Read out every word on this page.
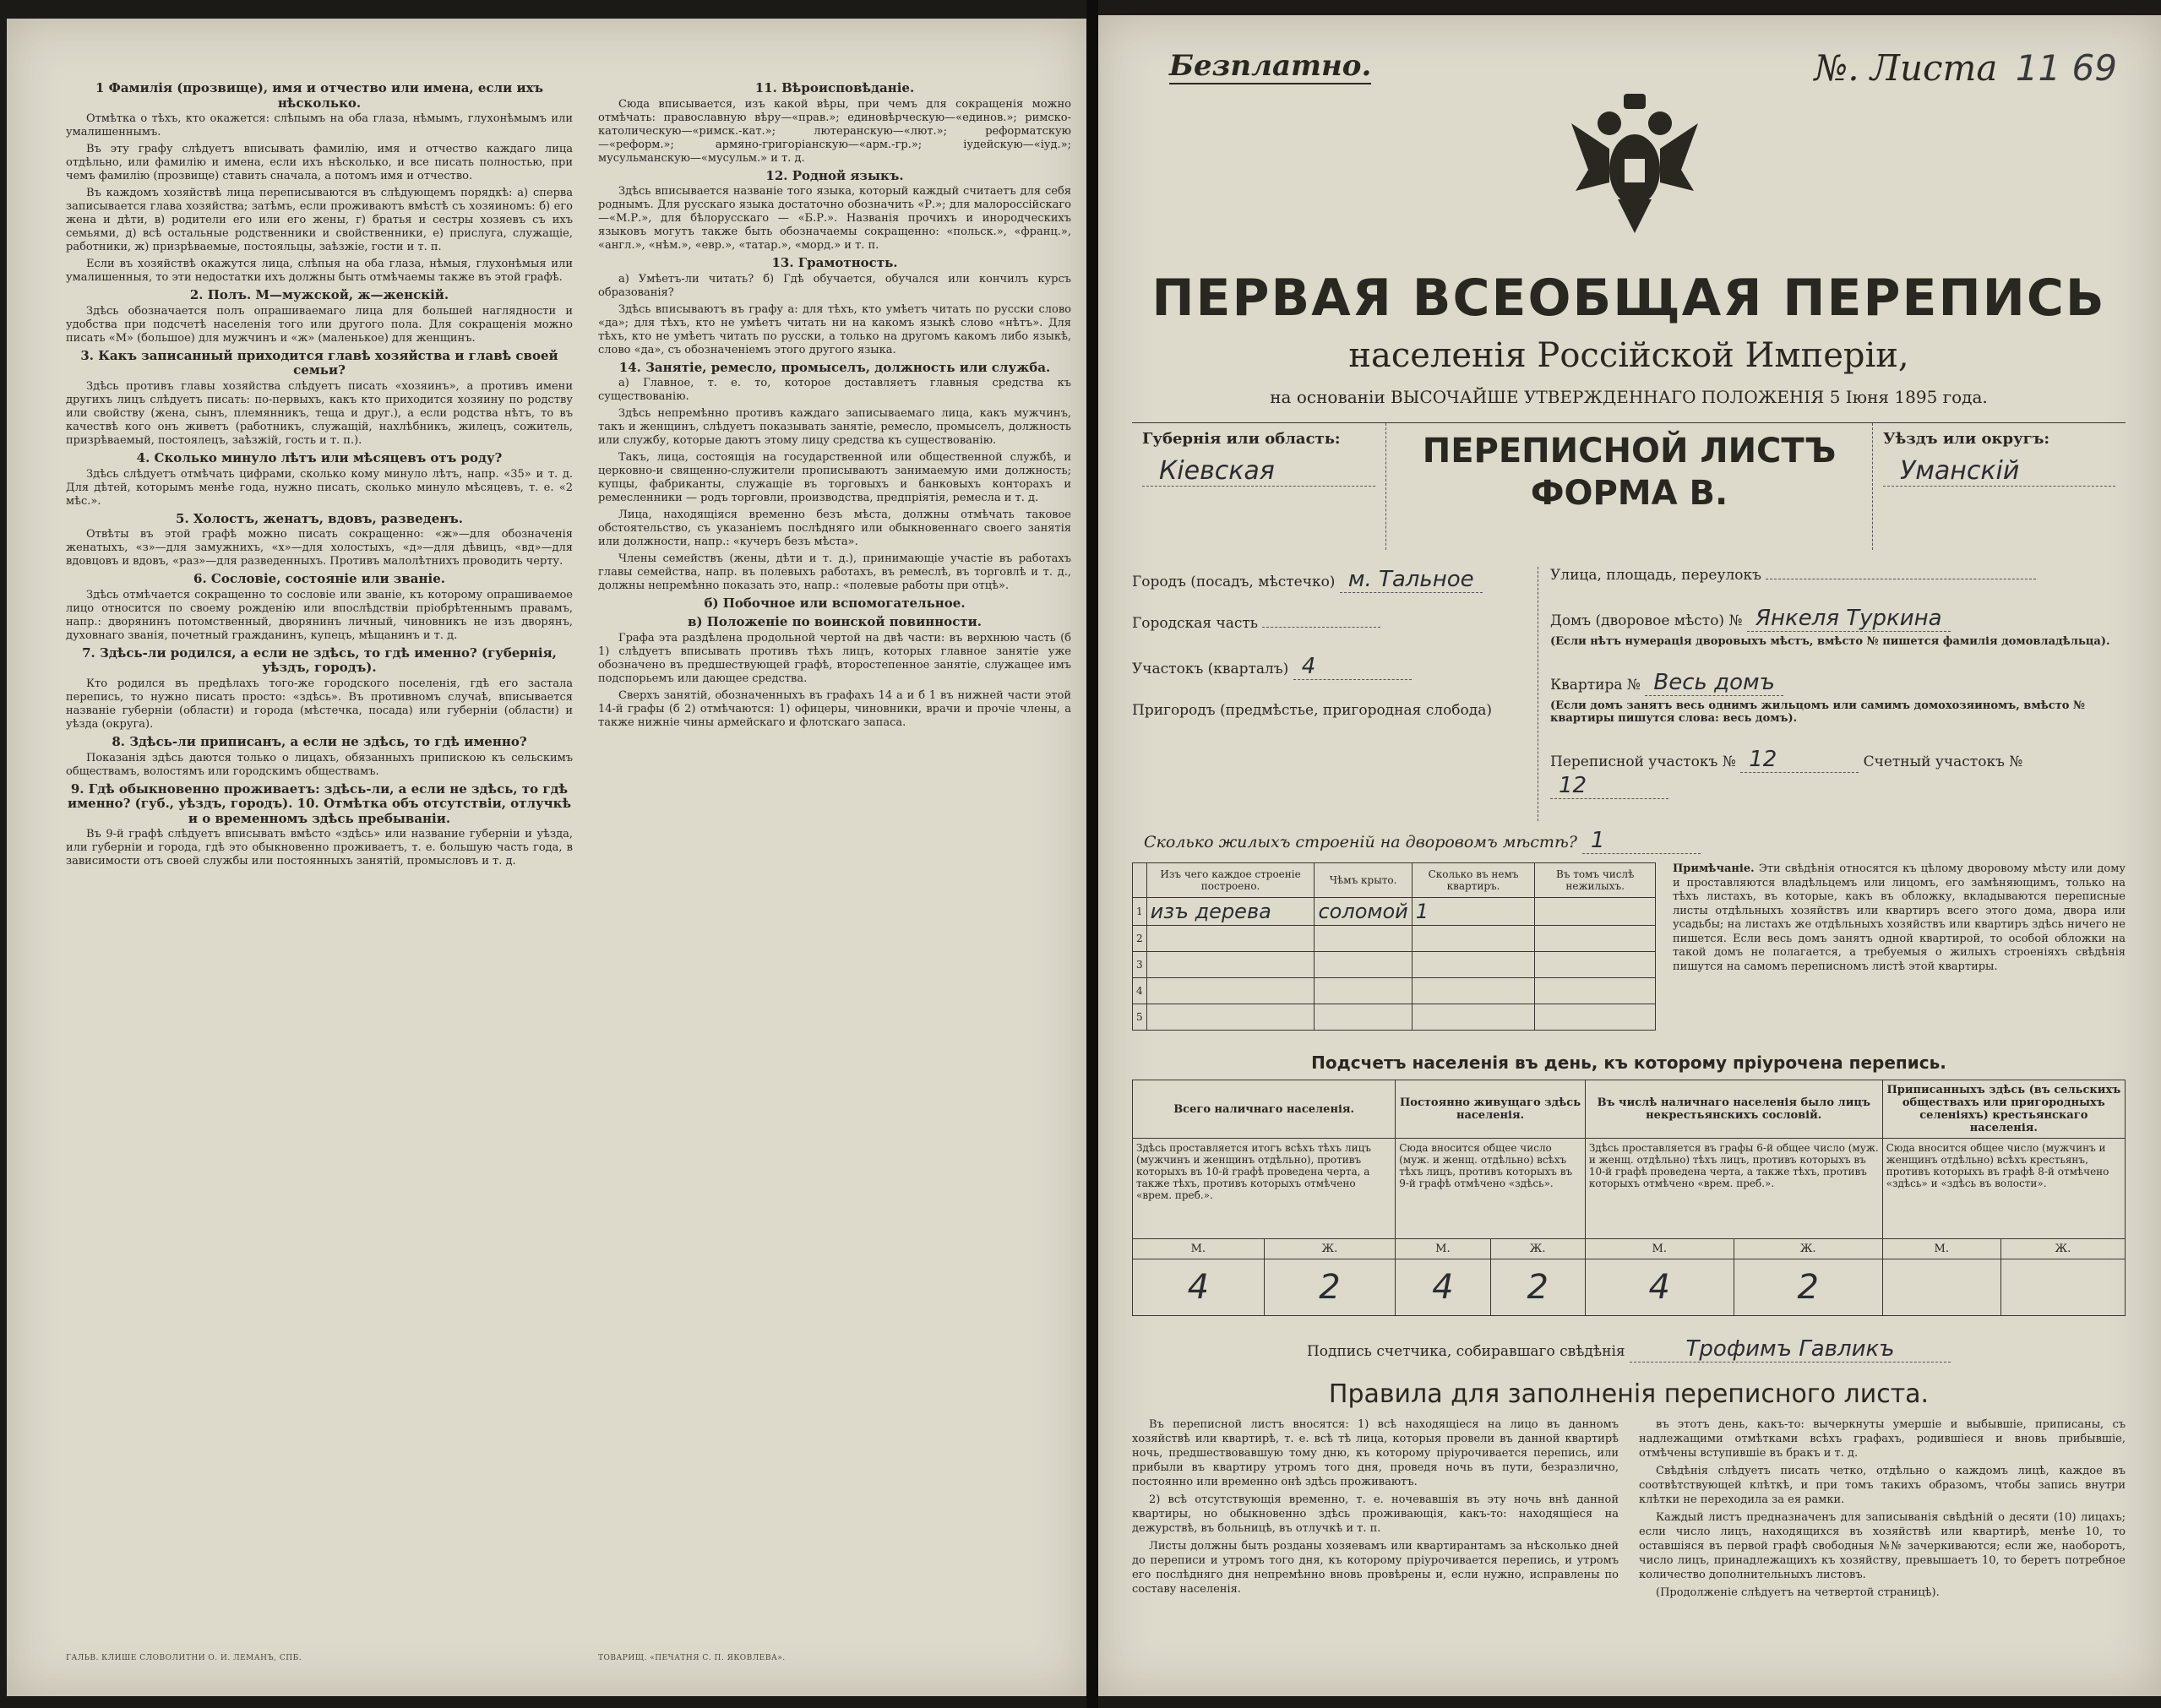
1 Фамилія (прозвище), имя и отчество или имена, если ихъ нѣсколько.

Отмѣтка о тѣхъ, кто окажется: слѣпымъ на оба глаза, нѣмымъ, глухонѣмымъ или умалишеннымъ.

Въ эту графу слѣдуетъ вписывать фамилію, имя и отчество каждаго лица отдѣльно, или фамилію и имена, если ихъ нѣсколько, и все писать полностью, при чемъ фамилію (прозвище) ставить сначала, а потомъ имя и отчество.

Въ каждомъ хозяйствѣ лица переписываются въ слѣдующемъ порядкѣ: а) сперва записывается глава хозяйства; затѣмъ, если проживаютъ вмѣстѣ съ хозяиномъ: б) его жена и дѣти, в) родители его или его жены, г) братья и сестры хозяевъ съ ихъ семьями, д) всѣ остальные родственники и свойственники, е) прислуга, служащіе, работники, ж) призрѣваемые, постояльцы, заѣзжіе, гости и т. п.

Если въ хозяйствѣ окажутся лица, слѣпыя на оба глаза, нѣмыя, глухонѣмыя или умалишенныя, то эти недостатки ихъ должны быть отмѣчаемы также въ этой графѣ.

2. Полъ. М—мужской, ж—женскій.

Здѣсь обозначается полъ опрашиваемаго лица для большей наглядности и удобства при подсчетѣ населенія того или другого пола. Для сокращенія можно писать «М» (большое) для мужчинъ и «ж» (маленькое) для женщинъ.

3. Какъ записанный приходится главѣ хозяйства и главѣ своей семьи?

Здѣсь противъ главы хозяйства слѣдуетъ писать «хозяинъ», а противъ имени другихъ лицъ слѣдуетъ писать: по-первыхъ, какъ кто приходится хозяину по родству или свойству (жена, сынъ, племянникъ, теща и друг.), а если родства нѣтъ, то въ качествѣ кого онъ живетъ (работникъ, служащій, нахлѣбникъ, жилецъ, сожитель, призрѣваемый, постоялецъ, заѣзжій, гость и т. п.).

4. Сколько минуло лѣтъ или мѣсяцевъ отъ роду?

Здѣсь слѣдуетъ отмѣчать цифрами, сколько кому минуло лѣтъ, напр. «35» и т. д. Для дѣтей, которымъ менѣе года, нужно писать, сколько минуло мѣсяцевъ, т. е. «2 мѣс.».

5. Холостъ, женатъ, вдовъ, разведенъ.

Отвѣты въ этой графѣ можно писать сокращенно: «ж»—для обозначенія женатыхъ, «з»—для замужнихъ, «х»—для холостыхъ, «д»—для дѣвицъ, «вд»—для вдовцовъ и вдовъ, «раз»—для разведенныхъ. Противъ малолѣтнихъ проводить черту.

6. Сословіе, состояніе или званіе.

Здѣсь отмѣчается сокращенно то сословіе или званіе, къ которому опрашиваемое лицо относится по своему рожденію или впослѣдствіи пріобрѣтеннымъ правамъ, напр.: дворянинъ потомственный, дворянинъ личный, чиновникъ не изъ дворянъ, духовнаго званія, почетный гражданинъ, купецъ, мѣщанинъ и т. д.

7. Здѣсь-ли родился, а если не здѣсь, то гдѣ именно? (губернія, уѣздъ, городъ).

Кто родился въ предѣлахъ того-же городского поселенія, гдѣ его застала перепись, то нужно писать просто: «здѣсь». Въ противномъ случаѣ, вписывается названіе губерніи (области) и города (мѣстечка, посада) или губерніи (области) и уѣзда (округа).

8. Здѣсь-ли приписанъ, а если не здѣсь, то гдѣ именно?

Показанія здѣсь даются только о лицахъ, обязанныхъ припискою къ сельскимъ обществамъ, волостямъ или городскимъ обществамъ.

9. Гдѣ обыкновенно проживаетъ: здѣсь-ли, а если не здѣсь, то гдѣ именно? (губ., уѣздъ, городъ). 10. Отмѣтка объ отсутствіи, отлучкѣ и о временномъ здѣсь пребываніи.

Въ 9-й графѣ слѣдуетъ вписывать вмѣсто «здѣсь» или название губерніи и уѣзда, или губерніи и города, гдѣ это обыкновенно проживаетъ, т. е. большую часть года, в зависимости отъ своей службы или постоянныхъ занятій, промысловъ и т. д.

11. Вѣроисповѣданіе.

Сюда вписывается, изъ какой вѣры, при чемъ для сокращенія можно отмѣчать: православную вѣру—«прав.»; единовѣрческую—«единов.»; римско-католическую—«римск.-кат.»; лютеранскую—«лют.»; реформатскую—«реформ.»; армяно-григоріанскую—«арм.-гр.»; іудейскую—«іуд.»; мусульманскую—«мусульм.» и т. д.

12. Родной языкъ.

Здѣсь вписывается названіе того языка, который каждый считаетъ для себя роднымъ. Для русскаго языка достаточно обозначить «Р.»; для малороссійскаго—«М.Р.», для бѣлорусскаго — «Б.Р.». Названія прочихъ и инородческихъ языковъ могутъ также быть обозначаемы сокращенно: «польск.», «франц.», «англ.», «нѣм.», «евр.», «татар.», «морд.» и т. п.

13. Грамотность.

а) Умѣетъ-ли читать? б) Гдѣ обучается, обучался или кончилъ курсъ образованія?

Здѣсь вписываютъ въ графу а: для тѣхъ, кто умѣетъ читать по русски слово «да»; для тѣхъ, кто не умѣетъ читать ни на какомъ языкѣ слово «нѣтъ». Для тѣхъ, кто не умѣетъ читать по русски, а только на другомъ какомъ либо языкѣ, слово «да», съ обозначеніемъ этого другого языка.

14. Занятіе, ремесло, промыселъ, должность или служба.

а) Главное, т. е. то, которое доставляетъ главныя средства къ существованію.

Здѣсь непремѣнно противъ каждаго записываемаго лица, какъ мужчинъ, такъ и женщинъ, слѣдуетъ показывать занятіе, ремесло, промыселъ, должность или службу, которые даютъ этому лицу средства къ существованію.

Такъ, лица, состоящія на государственной или общественной службѣ, и церковно-и священно-служители прописываютъ занимаемую ими должность; купцы, фабриканты, служащіе въ торговыхъ и банковыхъ конторахъ и ремесленники — родъ торговли, производства, предпріятія, ремесла и т. д.

Лица, находящіяся временно безъ мѣста, должны отмѣчать таковое обстоятельство, съ указаніемъ послѣдняго или обыкновеннаго своего занятія или должности, напр.: «кучеръ безъ мѣста».

Члены семействъ (жены, дѣти и т. д.), принимающіе участіе въ работахъ главы семейства, напр. въ полевыхъ работахъ, въ ремеслѣ, въ торговлѣ и т. д., должны непремѣнно показать это, напр.: «полевые работы при отцѣ».

б) Побочное или вспомогательное.
в) Положеніе по воинской повинности.

Графа эта раздѣлена продольной чертой на двѣ части: въ верхнюю часть (б 1) слѣдуетъ вписывать противъ тѣхъ лицъ, которых главное занятіе уже обозначено въ предшествующей графѣ, второстепенное занятіе, служащее имъ подспорьемъ или дающее средства.

Сверхъ занятій, обозначенныхъ въ графахъ 14 а и б 1 въ нижней части этой 14-й графы (б 2) отмѣчаются: 1) офицеры, чиновники, врачи и прочіе члены, а также нижніе чины армейскаго и флотскаго запаса.

ГАЛЬВ. КЛИШЕ СЛОВОЛИТНИ О. И. ЛЕМАНЪ, СПБ.	ТОВАРИЩ. «ПЕЧАТНЯ С. П. ЯКОВЛЕВА».
Безплатно.	№. Листа 11 69
ПЕРВАЯ ВСЕОБЩАЯ ПЕРЕПИСЬ
населенія Россійской Имперіи,
на основаніи ВЫСОЧАЙШЕ УТВЕРЖДЕННАГО ПОЛОЖЕНІЯ 5 Іюня 1895 года.
Губернія или область:
Кіевская
ПЕРЕПИСНОЙ ЛИСТЪ
ФОРМА В.
Уѣздъ или округъ:
Уманскій
Городъ (посадъ, мѣстечко) м. Тальное
Городская часть
Участокъ (кварталъ) 4
Пригородъ (предмѣстье, пригородная слобода)
Улица, площадь, переулокъ
Домъ (дворовое мѣсто) № Янкеля Туркина
(Если нѣтъ нумерація дворовыхъ мѣстъ, вмѣсто № пишется фамилія домовладѣльца).
Квартира № Весь домъ
(Если домъ занятъ весь однимъ жильцомъ или самимъ домохозяиномъ, вмѣсто № квартиры пишутся слова: весь домъ).
Переписной участокъ № 12	Счетный участокъ № 12
Сколько жилыхъ строеній на дворовомъ мѣстѣ? 1
	Изъ чего каждое строеніе построено.	Чѣмъ крыто.	Сколько въ немъ квартиръ.	Въ томъ числѣ нежилыхъ.
1	изъ дерева	соломой	1	
2				
3				
4				
5				
Примѣчаніе. Эти свѣдѣнія относятся къ цѣлому дворовому мѣсту или дому и проставляются владѣльцемъ или лицомъ, его замѣняющимъ, только на тѣхъ листахъ, въ которые, какъ въ обложку, вкладываются переписные листы отдѣльныхъ хозяйствъ или квартиръ всего этого дома, двора или усадьбы; на листахъ же отдѣльныхъ хозяйствъ или квартиръ здѣсь ничего не пишется. Если весь домъ занятъ одной квартирой, то особой обложки на такой домъ не полагается, а требуемыя о жилыхъ строеніяхъ свѣдѣнія пишутся на самомъ переписномъ листѣ этой квартиры.
Подсчетъ населенія въ день, къ которому пріурочена перепись.
Всего наличнаго населенія.		Постоянно живущаго здѣсь населенія.		Въ числѣ наличнаго населенія было лицъ некрестьянскихъ сословій.		Приписанныхъ здѣсь (въ сельскихъ обществахъ или пригородныхъ селеніяхъ) крестьянскаго населенія.	
Здѣсь проставляется итогъ всѣхъ тѣхъ лицъ (мужчинъ и женщинъ отдѣльно), противъ которыхъ въ 10-й графѣ проведена черта, а также тѣхъ, противъ которыхъ отмѣчено «врем. преб.».		Сюда вносится общее число (муж. и женщ. отдѣльно) всѣхъ тѣхъ лицъ, противъ которыхъ въ 9-й графѣ отмѣчено «здѣсь».		Здѣсь проставляется въ графы 6-й общее число (муж. и женщ. отдѣльно) тѣхъ лицъ, противъ которыхъ въ 10-й графѣ проведена черта, а также тѣхъ, противъ которыхъ отмѣчено «врем. преб.».		Сюда вносится общее число (мужчинъ и женщинъ отдѣльно) всѣхъ крестьянъ, противъ которыхъ въ графѣ 8-й отмѣчено «здѣсь» и «здѣсь въ волости».	
М.	Ж.	М.	Ж.	М.	Ж.	М.	Ж.
4	2	4	2	4	2		
Подпись счетчика, собиравшаго свѣдѣнія	Трофимъ Гавликъ
Правила для заполненія переписного листа.

Въ переписной листъ вносятся: 1) всѣ находящіеся на лицо въ данномъ хозяйствѣ или квартирѣ, т. е. всѣ тѣ лица, которыя провели въ данной квартирѣ ночь, предшествовавшую тому дню, къ которому пріурочивается перепись, или прибыли въ квартиру утромъ того дня, проведя ночь въ пути, безразлично, постоянно или временно онѣ здѣсь проживаютъ.

2) всѣ отсутствующія временно, т. е. ночевавшія въ эту ночь внѣ данной квартиры, но обыкновенно здѣсь проживающія, какъ-то: находящіеся на дежурствѣ, въ больницѣ, въ отлучкѣ и т. п.

Листы должны быть розданы хозяевамъ или квартирантамъ за нѣсколько дней до переписи и утромъ того дня, къ которому пріурочивается перепись, и утромъ его послѣдняго дня непремѣнно вновь провѣрены и, если нужно, исправлены по составу населенія.

въ этотъ день, какъ-то: вычеркнуты умершіе и выбывшіе, приписаны, съ надлежащими отмѣтками всѣхъ графахъ, родившіеся и вновь прибывшіе, отмѣчены вступившіе въ бракъ и т. д.

Свѣдѣнія слѣдуетъ писать четко, отдѣльно о каждомъ лицѣ, каждое въ соотвѣтствующей клѣткѣ, и при томъ такихъ образомъ, чтобы запись внутри клѣтки не переходила за ея рамки.

Каждый листъ предназначенъ для записыванія свѣдѣній о десяти (10) лицахъ; если число лицъ, находящихся въ хозяйствѣ или квартирѣ, менѣе 10, то оставшіяся въ первой графѣ свободныя №№ зачеркиваются; если же, наоборотъ, число лицъ, принадлежащихъ къ хозяйству, превышаетъ 10, то беретъ потребное количество дополнительныхъ листовъ.

(Продолженіе слѣдуетъ на четвертой страницѣ).
